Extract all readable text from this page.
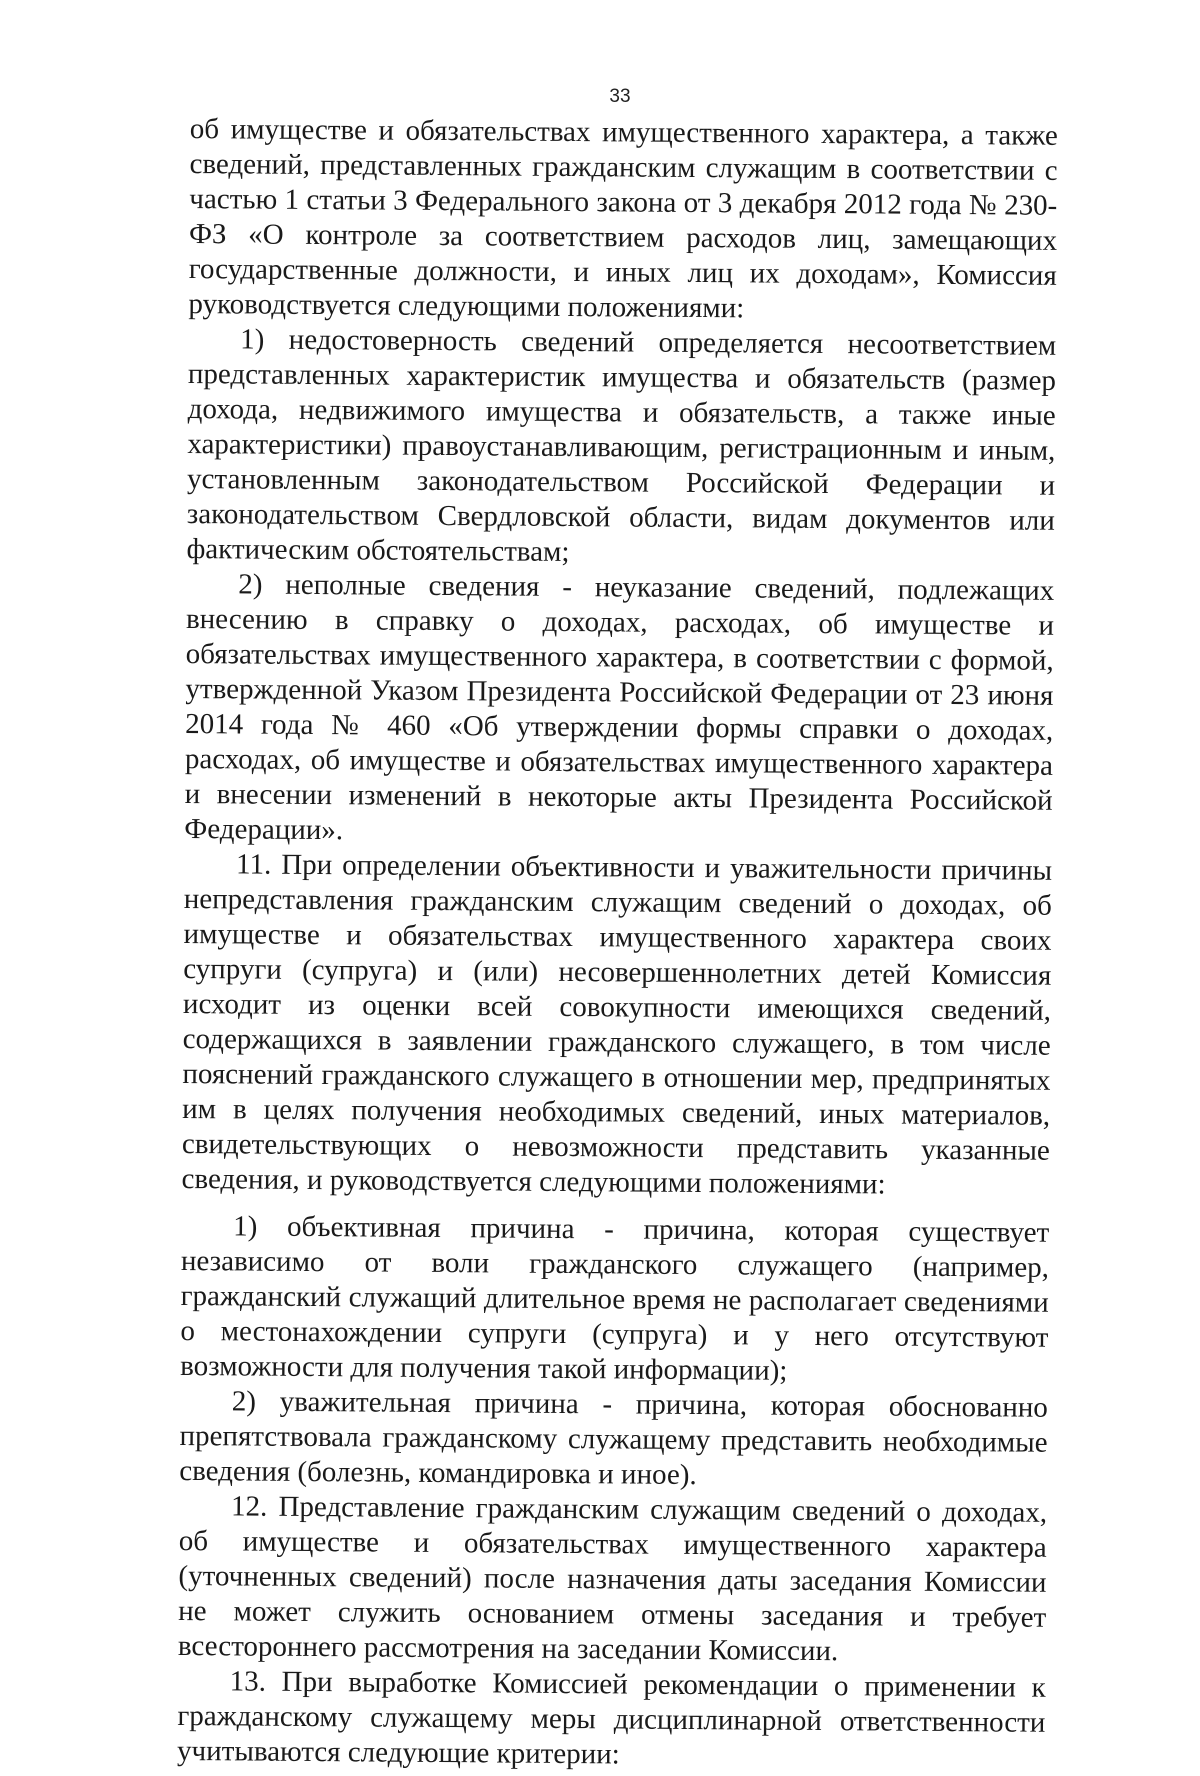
33

об имуществе и обязательствах имущественного характера, а также сведений, представленных гражданским служащим в соответствии с частью 1 статьи 3 Федерального закона от 3 декабря 2012 года № 230-ФЗ «О контроле за соответствием расходов лиц, замещающих государственные должности, и иных лиц их доходам», Комиссия руководствуется следующими положениями:

1) недостоверность сведений определяется несоответствием представленных характеристик имущества и обязательств (размер дохода, недвижимого имущества и обязательств, а также иные характеристики) правоустанавливающим, регистрационным и иным, установленным законодательством Российской Федерации и законодательством Свердловской области, видам документов или фактическим обстоятельствам;

2) неполные сведения - неуказание сведений, подлежащих внесению в справку о доходах, расходах, об имуществе и обязательствах имущественного характера, в соответствии с формой, утвержденной Указом Президента Российской Федерации от 23 июня 2014 года № 460 «Об утверждении формы справки о доходах, расходах, об имуществе и обязательствах имущественного характера и внесении изменений в некоторые акты Президента Российской Федерации».

11. При определении объективности и уважительности причины непредставления гражданским служащим сведений о доходах, об имуществе и обязательствах имущественного характера своих супруги (супруга) и (или) несовершеннолетних детей Комиссия исходит из оценки всей совокупности имеющихся сведений, содержащихся в заявлении гражданского служащего, в том числе пояснений гражданского служащего в отношении мер, предпринятых им в целях получения необходимых сведений, иных материалов, свидетельствующих о невозможности представить указанные сведения, и руководствуется следующими положениями:

1) объективная причина - причина, которая существует независимо от воли гражданского служащего (например, гражданский служащий длительное время не располагает сведениями о местонахождении супруги (супруга) и у него отсутствуют возможности для получения такой информации);

2) уважительная причина - причина, которая обоснованно препятствовала гражданскому служащему представить необходимые сведения (болезнь, командировка и иное).

12. Представление гражданским служащим сведений о доходах, об имуществе и обязательствах имущественного характера (уточненных сведений) после назначения даты заседания Комиссии не может служить основанием отмены заседания и требует всестороннего рассмотрения на заседании Комиссии.

13. При выработке Комиссией рекомендации о применении к гражданскому служащему меры дисциплинарной ответственности учитываются следующие критерии:
